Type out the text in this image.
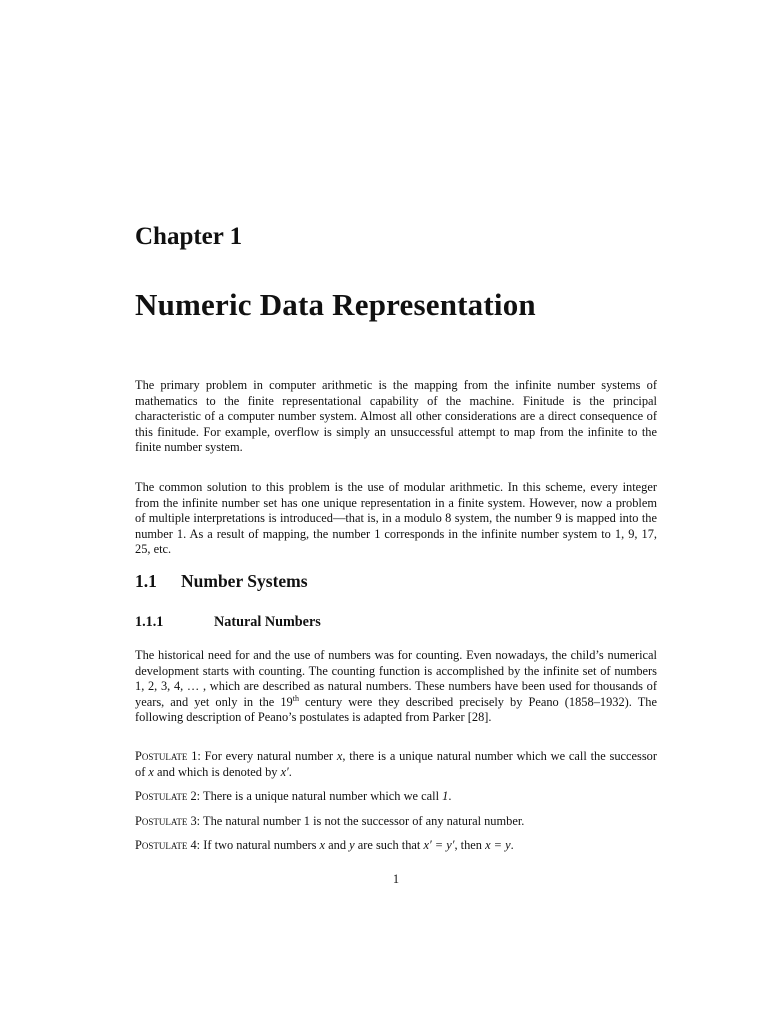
Chapter 1
Numeric Data Representation
The primary problem in computer arithmetic is the mapping from the infinite number systems of mathematics to the finite representational capability of the machine. Finitude is the principal characteristic of a computer number system. Almost all other considerations are a direct consequence of this finitude. For example, overflow is simply an unsuccessful attempt to map from the infinite to the finite number system.
The common solution to this problem is the use of modular arithmetic. In this scheme, every integer from the infinite number set has one unique representation in a finite system. However, now a problem of multiple interpretations is introduced—that is, in a modulo 8 system, the number 9 is mapped into the number 1. As a result of mapping, the number 1 corresponds in the infinite number system to 1, 9, 17, 25, etc.
1.1 Number Systems
1.1.1	Natural Numbers
The historical need for and the use of numbers was for counting. Even nowadays, the child’s numerical development starts with counting. The counting function is accomplished by the infinite set of numbers 1, 2, 3, 4, … , which are described as natural numbers. These numbers have been used for thousands of years, and yet only in the 19th century were they described precisely by Peano (1858–1932). The following description of Peano’s postulates is adapted from Parker [28].
Postulate 1: For every natural number x, there is a unique natural number which we call the successor of x and which is denoted by x′.
Postulate 2: There is a unique natural number which we call 1.
Postulate 3: The natural number 1 is not the successor of any natural number.
Postulate 4: If two natural numbers x and y are such that x′ = y′, then x = y.
1
